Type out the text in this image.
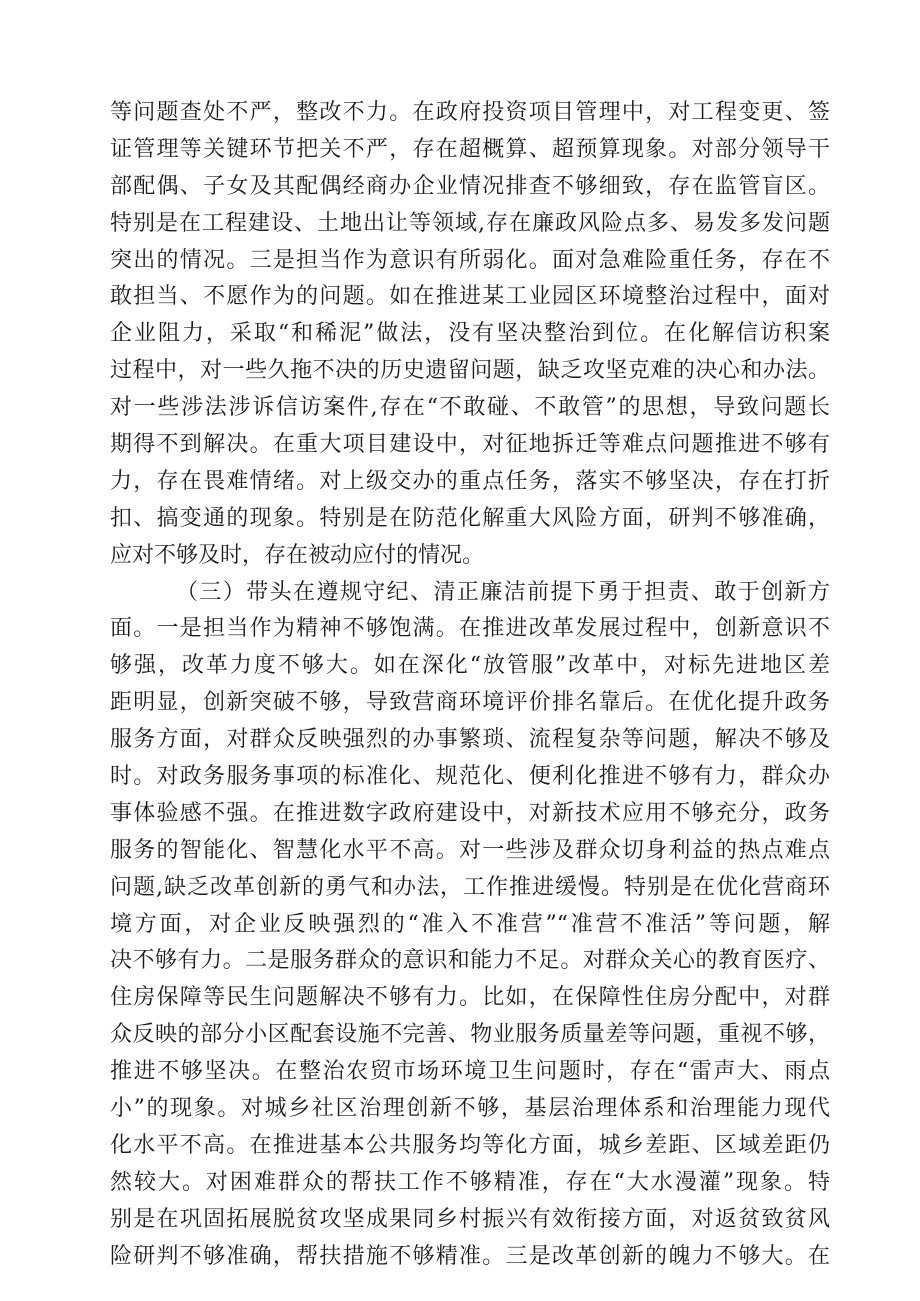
等问题查处不严，整改不力。在政府投资项目管理中，对工程变更、签
证管理等关键环节把关不严，存在超概算、超预算现象。对部分领导干
部配偶、子女及其配偶经商办企业情况排查不够细致，存在监管盲区。
特别是在工程建设、土地出让等领域,存在廉政风险点多、易发多发问题
突出的情况。三是担当作为意识有所弱化。面对急难险重任务，存在不
敢担当、不愿作为的问题。如在推进某工业园区环境整治过程中，面对
企业阻力，采取“和稀泥”做法，没有坚决整治到位。在化解信访积案
过程中，对一些久拖不决的历史遗留问题，缺乏攻坚克难的决心和办法。
对一些涉法涉诉信访案件,存在“不敢碰、不敢管”的思想，导致问题长
期得不到解决。在重大项目建设中，对征地拆迁等难点问题推进不够有
力，存在畏难情绪。对上级交办的重点任务，落实不够坚决，存在打折
扣、搞变通的现象。特别是在防范化解重大风险方面，研判不够准确，
应对不够及时，存在被动应付的情况。
（三）带头在遵规守纪、清正廉洁前提下勇于担责、敢于创新方
面。一是担当作为精神不够饱满。在推进改革发展过程中，创新意识不
够强，改革力度不够大。如在深化“放管服”改革中，对标先进地区差
距明显，创新突破不够，导致营商环境评价排名靠后。在优化提升政务
服务方面，对群众反映强烈的办事繁琐、流程复杂等问题，解决不够及
时。对政务服务事项的标准化、规范化、便利化推进不够有力，群众办
事体验感不强。在推进数字政府建设中，对新技术应用不够充分，政务
服务的智能化、智慧化水平不高。对一些涉及群众切身利益的热点难点
问题,缺乏改革创新的勇气和办法，工作推进缓慢。特别是在优化营商环
境方面，对企业反映强烈的“准入不准营”“准营不准活”等问题，解
决不够有力。二是服务群众的意识和能力不足。对群众关心的教育医疗、
住房保障等民生问题解决不够有力。比如，在保障性住房分配中，对群
众反映的部分小区配套设施不完善、物业服务质量差等问题，重视不够，
推进不够坚决。在整治农贸市场环境卫生问题时，存在“雷声大、雨点
小”的现象。对城乡社区治理创新不够，基层治理体系和治理能力现代
化水平不高。在推进基本公共服务均等化方面，城乡差距、区域差距仍
然较大。对困难群众的帮扶工作不够精准，存在“大水漫灌”现象。特
别是在巩固拓展脱贫攻坚成果同乡村振兴有效衔接方面，对返贫致贫风
险研判不够准确，帮扶措施不够精准。三是改革创新的魄力不够大。在
